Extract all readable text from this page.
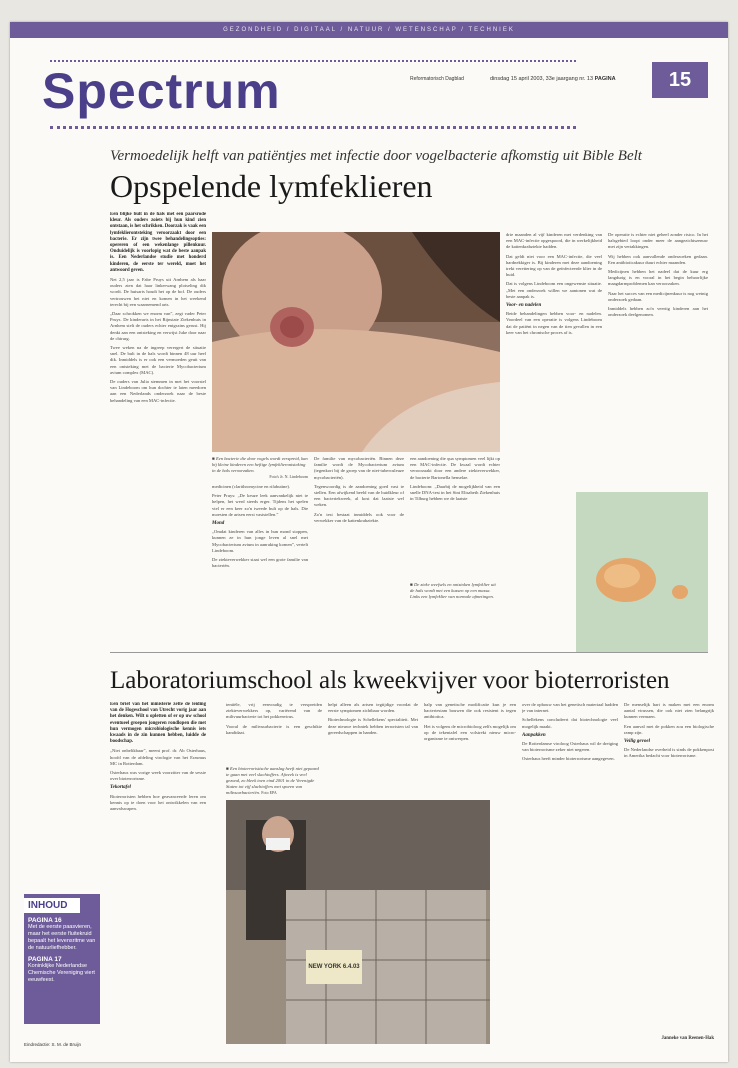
GEZONDHEID / DIGITAAL / NATUUR / WETENSCHAP / TECHNIEK
Spectrum	Reformatorisch Dagblad	dinsdag 15 april 2003, 33e jaargang nr. 13 PAGINA	15
Vermoedelijk helft van patiëntjes met infectie door vogelbacterie afkomstig uit Bible Belt
Opspelende lymfeklieren

Een blijke bult in de hals met een paarsrode kleur. Als ouders zoiets bij hun kind zien ontstaan, is het schrikken. Doorzak is vaak een lymfeklierontsteking veroorzaakt door een bacterie. Er zijn twee behandelingsopties: opereren of een wekenlange pillenkuur. Onduidelijk is voorlopig wat de beste aanpak is. Een Nederlandse studie met honderd kinderen, de eerste ter wereld, moet het antwoord geven.

Net 2,5 jaar is Fabe Pruys uit Arnhem als haar ouders zien dat haar linkerwang plotseling dik wordt. De huisarts houdt het op de bof. De ouders vertrouwen het niet en komen in het weekend terecht bij een waarnemend arts.

„Daar schrokken we enorm van”, zegt vader Peter Pruys. De kinderarts in het Rijnstate Ziekenhuis in Arnhem stelt de ouders echter enigszins gerust. Hij denkt aan een ontsteking en verwijst Juke door naar de chirurg.

Twee weken na de ingreep verergert de situatie snel. De bult in de hals wordt binnen 48 uur heel dik. Inmiddels is er ook een vermoeden geuit van een ontsteking met de bacterie Mycobacterium avium complex (MAC).

De ouders van Julia stemmen in met het voorstel van Lindeboom om hun dochter te laten meedoen aan een Nederlands onderzoek naar de beste behandeling van een MAC-infectie.

■ Een bacterie die door vogels wordt verspreid, kan bij kleine kinderen een heftige lymfeklierontsteking in de hals veroorzaken.
Foto's Jr. N. Lindeboom

medicinen (clarithromycine en rifabutine).

Peter Pruys: „De keuze leek aanvankelijk niet te helpen, het werd steeds erger. Tijdens het spelen viel er een keer zo'n tweede bult op de hals. Die moesten de artsen eerst vaststellen.”

Mond

„Omdat kinderen van alles in hun mond stoppen, kunnen ze in hun jonge leven al snel met Mycobacterium avium in aanraking komen”, vertelt Lindeboom.

De ziekteverwekker staat wel een grote familie van bacteriën.

De familie van mycobacteriën. Binnen deze familie wordt de Mycobacterium avium (tegenkort bij de groep van de niet-tuberculeuze mycobacteriën).

Tegenwoordig is de aandoening goed vast te stellen. Een afwijkend beeld van de huidkleur of een bacteriekweek, al kost dat laatste wel weken.

Zo'n test bestaat inmiddels ook voor de verwekker van de kattenkrabziekte.

een aandoening die qua symptomen veel lijkt op een MAC-infectie. De kwaal wordt echter veroorzaakt door een andere ziekteverwekker, de bacterie Bartonella henselae.

Lindeboom: „Daarbij de mogelijkheid van een snelle DNA-test in het Sint Elisabeth Ziekenhuis in Tilburg hebben we de laatste

■ De zieke weefsels en ontstoken lymfeklier uit de hals wordt met een kussen op een massa. Links een lymfeklier van normale afmetingen.

drie maanden al vijf kinderen met verdenking van een MAC-infectie opgespoord, die in werkelijkheid de kattenkrabziekte hadden.

Dat geldt niet voor een MAC-infectie, die veel hardnekkiger is. Bij kinderen met deze aandoening trekt verettering op van de geïnfecteerde klier in de huid.

Dat is volgens Lindeboom een ongewenste situatie. „Met een onderzoek willen we aantonen wat de beste aanpak is.

Voor- en nadelen

Beide behandelingen hebben voor- en nadelen. Voordeel van een operatie is volgens Lindeboom dat de patiënt in negen van de tien gevallen in een keer van het chronische proces af is.

De operatie is echter niet geheel zonder risico. In het halsgebied loopt onder meer de aangezichtszenuw met zijn vertakkingen.

Wij hebben ook aanvullende onderzoeken gedaan. Een antibioticakuur duurt echter maanden.

Medicijnen hebben het nadeel dat de kuur erg langdurig is en vooral in het begin behoorlijke maagdarmproblemen kan veroorzaken.

Naar het succes van een medicijnenkuur is nog weinig onderzoek gedaan.

Inmiddels hebben zo'n veertig kinderen aan het onderzoek deelgenomen.

Laboratoriumschool als kweekvijver voor bioterroristen

Een brief van het ministerie zette de leiding van de Hogeschool van Utrecht vorig jaar aan het denken. Wilt u opletten of er op uw school eventueel groepen jongeren rondlopen die met hun vermogen microbiologische kennis iets kwaads in de zin kunnen hebben, luidde de boodschap.

„Niet onbelikbaar”, meent prof. dr. Ab Osterhaus, hoofd van de afdeling virologie van het Erasmus MC in Rotterdam.

Osterhaus was vorige week voorzitter van de sessie over bioterrorisme.

Tekortafel

Bioterroristen hebben hoe geavanceerde leren om kennis op te doen voor het ontwikkelen van een aanvalswapen.

tentiële, vrij eenvoudig te verspreiden ziekteverwekkers op, variërend van de miltvuurbacterie tot het pokkenvirus.

Vooral de miltvuurbacterie is een geschikte kandidaat.

■ Een bioterroristische aanslag heeft niet gepaard te gaan met veel slachtoffers. Afweek is veel gezond, zo bleek toen eind 2001 in de Verenigde Staten tot vijf slachtoffers met sporen van miltvuurbacteriën. Foto EPA

helpt alleen als artsen tegtijdige voordat de eerste symptomen zichtbaar worden.

Biotechnologie is Schellekens' specialiteit. Met deze nieuwe techniek hebben terroristen tal van gereedschappen in handen.

halp van genetische modificatie kun je een bacteriestam bouwen die ook resistent is tegen antibiotica.

Het is volgens de microbioloog zelfs mogelijk om op de tekentafel een volstrekt nieuw micro-organisme te ontwerpen.

NEW YORK 6.4.03

over de opbouw van het genetisch materiaal hadden je van internet.

Schellekens concludeert dat biotechnologie veel mogelijk maakt.

Aanpakken

De Rotterdamse viroloog Osterhaus wil de dreiging van bioterrorisme zeker niet negeren.

Osterhaus heeft minder bioterrorisme aangegeven.

De menselijk hart is maken met een enorm aantal virussen, die ook niet zien belangrijk kunnen vermaen.

Een aanval met de pokken zou een biologische ramp zijn.

Veilig gevoel

De Nederlandse overheid is sinds de pokkenpost in Amerika bedacht voor bioterrorisme.

Janneke van Reenen-Hak
INHOUD
PAGINA 16
Met de eerste paasvieren, maar het eerste fluitekruid bepaalt het levensritme van de natuurliefhebber.
PAGINA 17
Koninklijke Nederlandse Chemische Vereniging viert eeuwfeest.
Eindredactie: S. M. de Bruijn
